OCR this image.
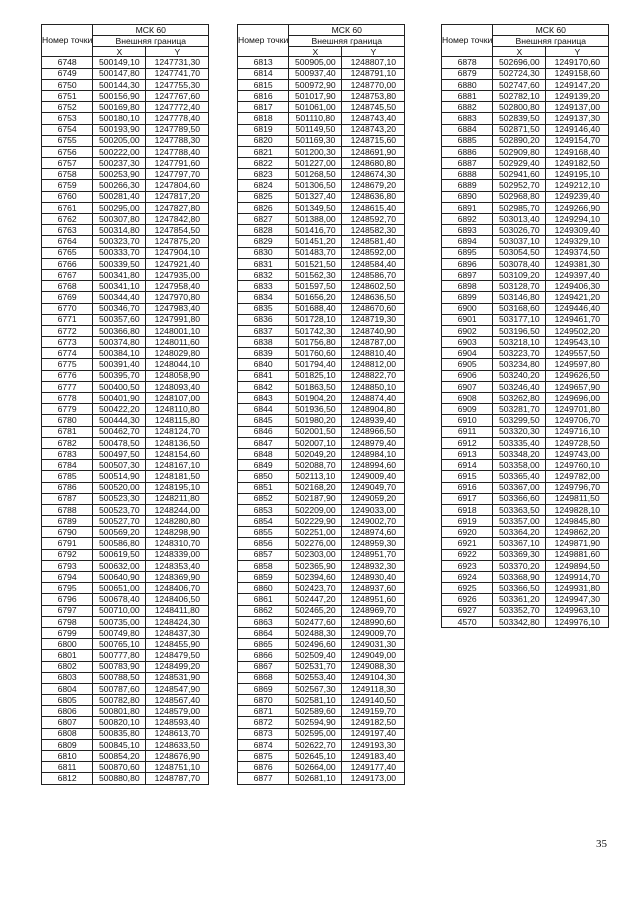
Номер точки	МСК 60	
	Внешняя граница	
	X	Y
6748	500149,10	1247731,30
6749	500147,80	1247741,70
6750	500144,30	1247755,30
6751	500156,90	1247767,60
6752	500169,80	1247772,40
6753	500180,10	1247778,40
6754	500193,90	1247789,50
6755	500205,00	1247788,30
6756	500222,00	1247788,40
6757	500237,30	1247791,60
6758	500253,90	1247797,70
6759	500266,30	1247804,60
6760	500281,40	1247817,20
6761	500295,00	1247827,80
6762	500307,80	1247842,80
6763	500314,80	1247854,50
6764	500323,70	1247875,20
6765	500333,70	1247904,10
6766	500339,50	1247921,40
6767	500341,80	1247935,00
6768	500341,10	1247958,40
6769	500344,40	1247970,80
6770	500346,70	1247983,40
6771	500357,60	1247991,80
6772	500366,80	1248001,10
6773	500374,80	1248011,60
6774	500384,10	1248029,80
6775	500391,40	1248044,10
6776	500395,70	1248058,90
6777	500400,50	1248093,40
6778	500401,90	1248107,00
6779	500422,20	1248110,80
6780	500444,30	1248115,80
6781	500462,70	1248124,70
6782	500478,50	1248136,50
6783	500497,50	1248154,60
6784	500507,30	1248167,10
6785	500514,90	1248181,50
6786	500520,00	1248195,10
6787	500523,30	1248211,80
6788	500523,70	1248244,00
6789	500527,70	1248280,80
6790	500569,20	1248298,90
6791	500586,80	1248310,70
6792	500619,50	1248339,00
6793	500632,00	1248353,40
6794	500640,90	1248369,90
6795	500651,00	1248406,70
6796	500678,40	1248406,50
6797	500710,00	1248411,80
6798	500735,00	1248424,30
6799	500749,80	1248437,30
6800	500765,10	1248455,90
6801	500777,80	1248479,50
6802	500783,90	1248499,20
6803	500788,50	1248531,90
6804	500787,60	1248547,90
6805	500782,80	1248567,40
6806	500801,80	1248579,00
6807	500820,10	1248593,40
6808	500835,80	1248613,70
6809	500845,10	1248633,50
6810	500854,20	1248676,90
6811	500870,60	1248751,10
6812	500880,80	1248787,70
Номер точки	МСК 60	
	Внешняя граница	
	X	Y
6813	500905,00	1248807,10
6814	500937,40	1248791,10
6815	500972,90	1248770,00
6816	501017,90	1248753,80
6817	501061,00	1248745,50
6818	501110,80	1248743,40
6819	501149,50	1248743,20
6820	501169,30	1248715,60
6821	501200,30	1248691,90
6822	501227,00	1248680,80
6823	501268,50	1248674,30
6824	501306,50	1248679,20
6825	501327,40	1248636,80
6826	501349,50	1248615,40
6827	501388,00	1248592,70
6828	501416,70	1248582,30
6829	501451,20	1248581,40
6830	501483,70	1248592,00
6831	501521,50	1248584,40
6832	501562,30	1248586,70
6833	501597,50	1248602,50
6834	501656,20	1248636,50
6835	501688,40	1248670,60
6836	501728,10	1248719,30
6837	501742,30	1248740,90
6838	501756,80	1248787,00
6839	501760,60	1248810,40
6840	501794,40	1248812,00
6841	501825,10	1248822,70
6842	501863,50	1248850,10
6843	501904,20	1248874,40
6844	501936,50	1248904,80
6845	501980,20	1248939,40
6846	502001,50	1248966,50
6847	502007,10	1248979,40
6848	502049,20	1248984,10
6849	502088,70	1248994,60
6850	502113,10	1249009,40
6851	502168,20	1249049,70
6852	502187,90	1249059,20
6853	502209,00	1249033,00
6854	502229,90	1249002,70
6855	502251,00	1248974,60
6856	502276,00	1248959,30
6857	502303,00	1248951,70
6858	502365,90	1248932,30
6859	502394,60	1248930,40
6860	502423,70	1248937,60
6861	502447,20	1248951,60
6862	502465,20	1248969,70
6863	502477,60	1248990,60
6864	502488,30	1249009,70
6865	502496,60	1249031,30
6866	502509,40	1249049,00
6867	502531,70	1249088,30
6868	502553,40	1249104,30
6869	502567,30	1249118,30
6870	502581,10	1249140,50
6871	502589,60	1249159,70
6872	502594,90	1249182,50
6873	502595,00	1249197,40
6874	502622,70	1249193,30
6875	502645,10	1249183,40
6876	502664,00	1249177,40
6877	502681,10	1249173,00
Номер точки	МСК 60	
	Внешняя граница	
	X	Y
6878	502696,00	1249170,60
6879	502724,30	1249158,60
6880	502747,60	1249147,20
6881	502782,10	1249139,20
6882	502800,80	1249137,00
6883	502839,50	1249137,30
6884	502871,50	1249146,40
6885	502890,20	1249154,70
6886	502909,80	1249168,40
6887	502929,40	1249182,50
6888	502941,60	1249195,10
6889	502952,70	1249212,10
6890	502968,80	1249239,40
6891	502985,70	1249266,90
6892	503013,40	1249294,10
6893	503026,70	1249309,40
6894	503037,10	1249329,10
6895	503054,50	1249374,50
6896	503078,40	1249381,30
6897	503109,20	1249397,40
6898	503128,70	1249406,30
6899	503146,80	1249421,20
6900	503168,60	1249446,40
6901	503177,10	1249461,70
6902	503196,50	1249502,20
6903	503218,10	1249543,10
6904	503223,70	1249557,50
6905	503234,80	1249597,80
6906	503240,20	1249626,50
6907	503246,40	1249657,90
6908	503262,80	1249696,00
6909	503281,70	1249701,80
6910	503299,50	1249706,70
6911	503320,30	1249716,10
6912	503335,40	1249728,50
6913	503348,20	1249743,00
6914	503358,00	1249760,10
6915	503365,40	1249782,00
6916	503367,00	1249796,70
6917	503366,60	1249811,50
6918	503363,50	1249828,10
6919	503357,00	1249845,80
6920	503364,20	1249862,20
6921	503367,10	1249871,90
6922	503369,30	1249881,60
6923	503370,20	1249894,50
6924	503368,90	1249914,70
6925	503366,50	1249931,80
6926	503361,20	1249947,30
6927	503352,70	1249963,10
4570	503342,80	1249976,10
35
